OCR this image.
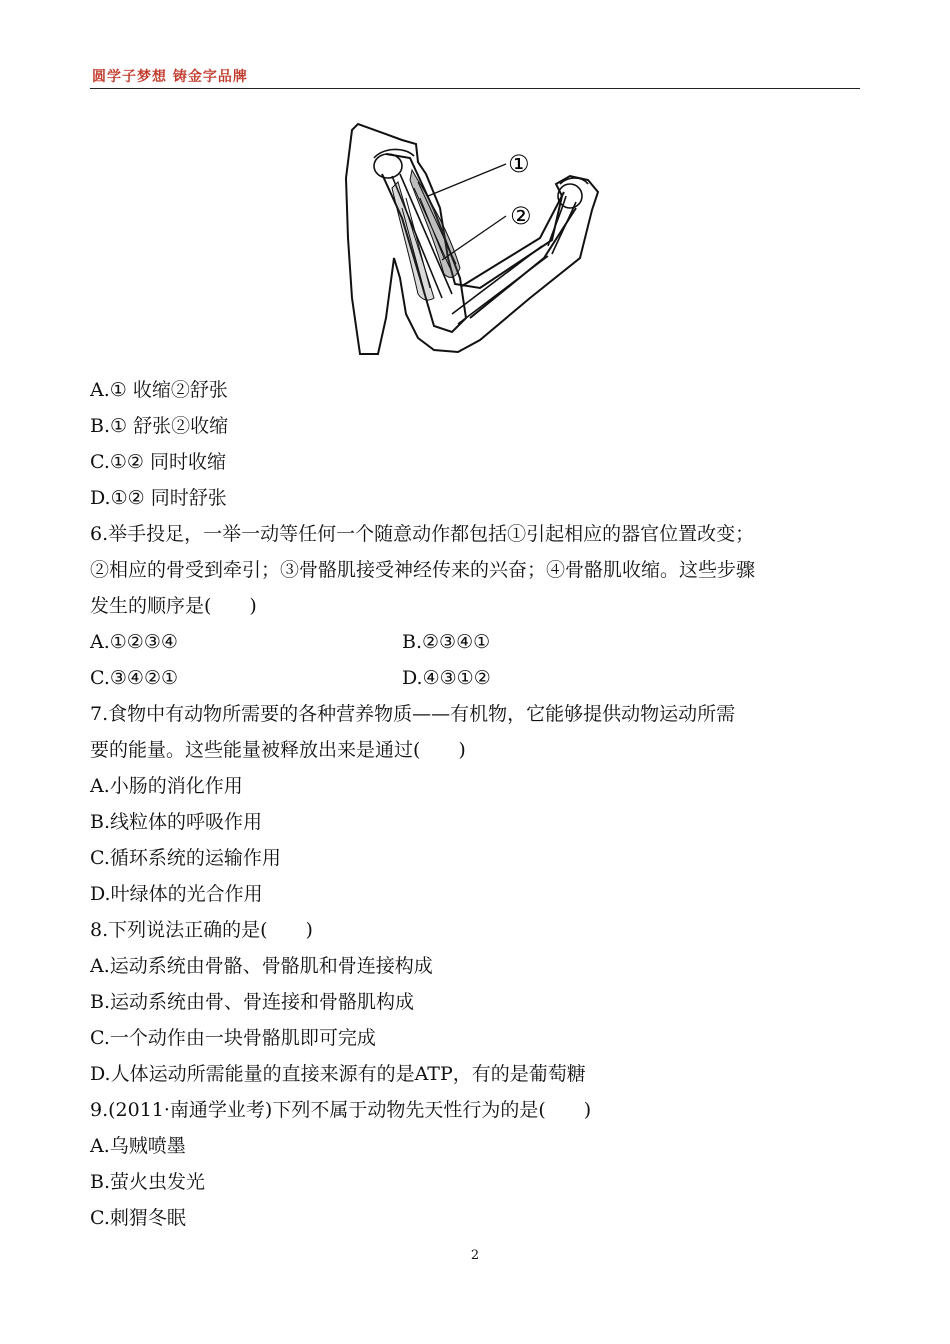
圆学子梦想 铸金字品牌
①
②
A.① 收缩②舒张
B.① 舒张②收缩
C.①② 同时收缩
D.①② 同时舒张
6.举手投足，一举一动等任何一个随意动作都包括①引起相应的器官位置改变；
②相应的骨受到牵引；③骨骼肌接受神经传来的兴奋；④骨骼肌收缩。这些步骤
发生的顺序是(　　)
A.①②③④	B.②③④①
C.③④②①	D.④③①②
7.食物中有动物所需要的各种营养物质——有机物，它能够提供动物运动所需
要的能量。这些能量被释放出来是通过(　　)
A.小肠的消化作用
B.线粒体的呼吸作用
C.循环系统的运输作用
D.叶绿体的光合作用
8.下列说法正确的是(　　)
A.运动系统由骨骼、骨骼肌和骨连接构成
B.运动系统由骨、骨连接和骨骼肌构成
C.一个动作由一块骨骼肌即可完成
D.人体运动所需能量的直接来源有的是ATP，有的是葡萄糖
9.(2011·南通学业考)下列不属于动物先天性行为的是(　　)
A.乌贼喷墨
B.萤火虫发光
C.刺猬冬眠
2
